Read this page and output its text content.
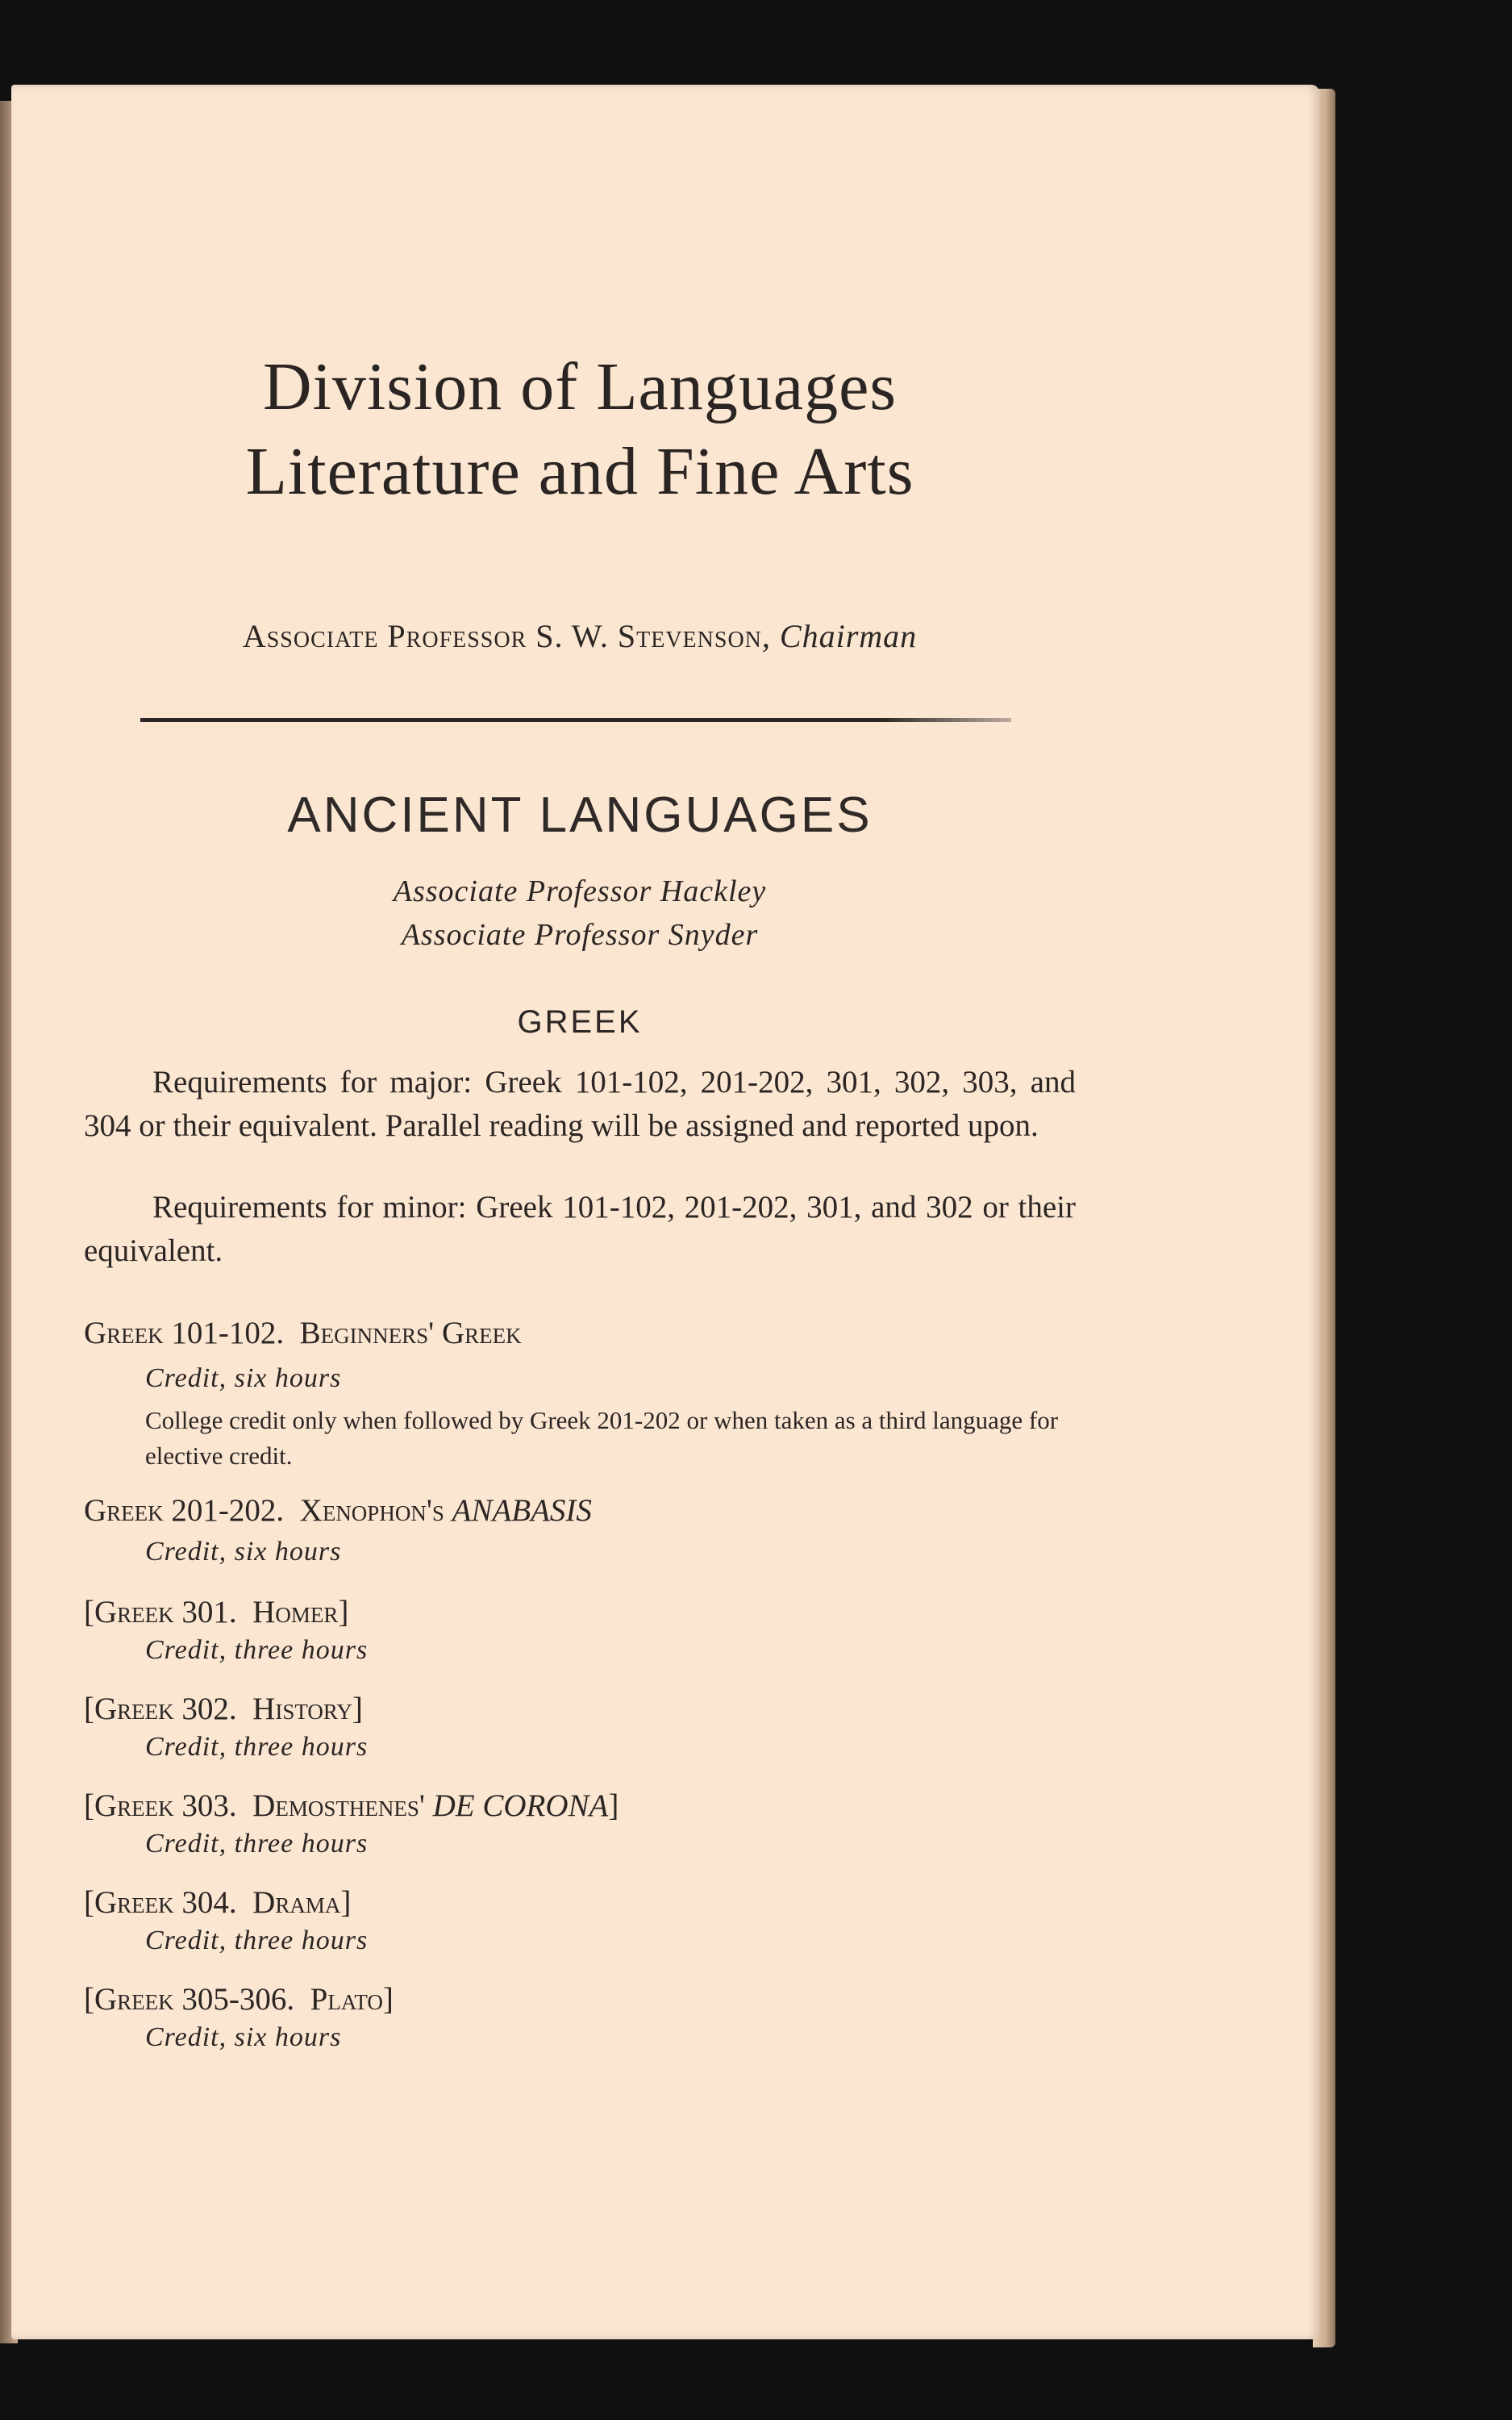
Division of Languages
Literature and Fine Arts
Associate Professor S. W. Stevenson, Chairman
ANCIENT LANGUAGES
Associate Professor Hackley
Associate Professor Snyder
GREEK

Requirements for major: Greek 101-102, 201-202, 301, 302, 303, and 304 or their equivalent. Parallel reading will be assigned and reported upon.

Requirements for minor: Greek 101-102, 201-202, 301, and 302 or their equivalent.

Greek 101-102. Beginners' Greek
Credit, six hours
College credit only when followed by Greek 201-202 or when taken as a third language for elective credit.
Greek 201-202. Xenophon's ANABASIS
Credit, six hours
[Greek 301. Homer]
Credit, three hours
[Greek 302. History]
Credit, three hours
[Greek 303. Demosthenes' DE CORONA]
Credit, three hours
[Greek 304. Drama]
Credit, three hours
[Greek 305-306. Plato]
Credit, six hours
